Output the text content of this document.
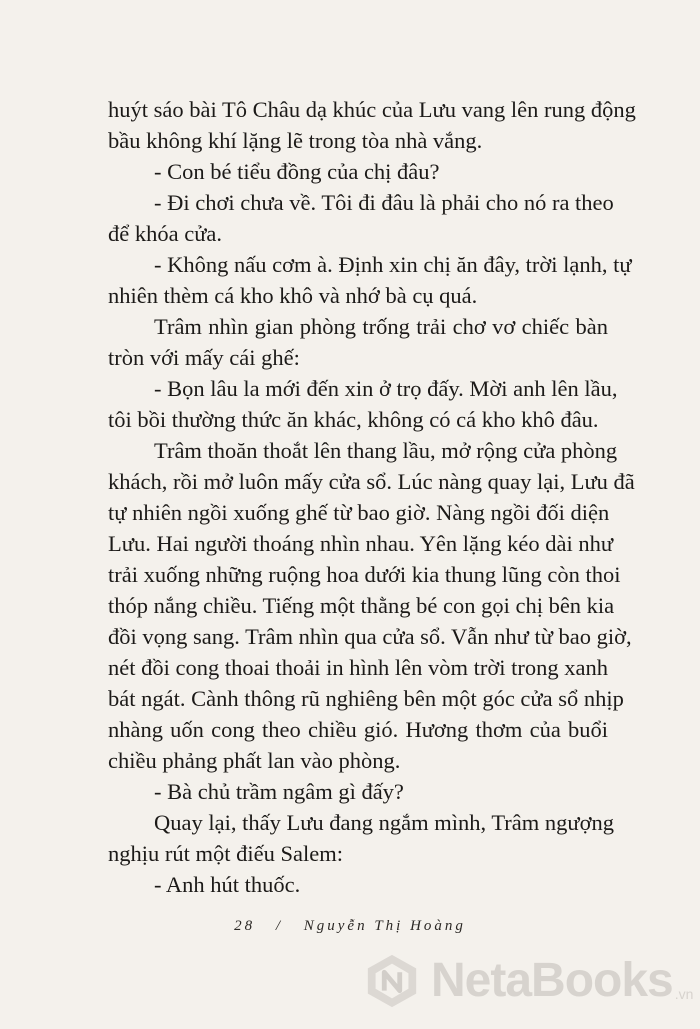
huýt sáo bài Tô Châu dạ khúc của Lưu vang lên rung động

bầu không khí lặng lẽ trong tòa nhà vắng.

- Con bé tiểu đồng của chị đâu?

- Đi chơi chưa về. Tôi đi đâu là phải cho nó ra theo

để khóa cửa.

- Không nấu cơm à. Định xin chị ăn đây, trời lạnh, tự

nhiên thèm cá kho khô và nhớ bà cụ quá.

Trâm nhìn gian phòng trống trải chơ vơ chiếc bàn

tròn với mấy cái ghế:

- Bọn lâu la mới đến xin ở trọ đấy. Mời anh lên lầu,

tôi bồi thường thức ăn khác, không có cá kho khô đâu.

Trâm thoăn thoắt lên thang lầu, mở rộng cửa phòng

khách, rồi mở luôn mấy cửa sổ. Lúc nàng quay lại, Lưu đã

tự nhiên ngồi xuống ghế từ bao giờ. Nàng ngồi đối diện

Lưu. Hai người thoáng nhìn nhau. Yên lặng kéo dài như

trải xuống những ruộng hoa dưới kia thung lũng còn thoi

thóp nắng chiều. Tiếng một thằng bé con gọi chị bên kia

đồi vọng sang. Trâm nhìn qua cửa sổ. Vẫn như từ bao giờ,

nét đồi cong thoai thoải in hình lên vòm trời trong xanh

bát ngát. Cành thông rũ nghiêng bên một góc cửa sổ nhịp

nhàng uốn cong theo chiều gió. Hương thơm của buổi

chiều phảng phất lan vào phòng.

- Bà chủ trầm ngâm gì đấy?

Quay lại, thấy Lưu đang ngắm mình, Trâm ngượng

nghịu rút một điếu Salem:

- Anh hút thuốc.

28 / Nguyễn Thị Hoàng
NetaBooks .vn
